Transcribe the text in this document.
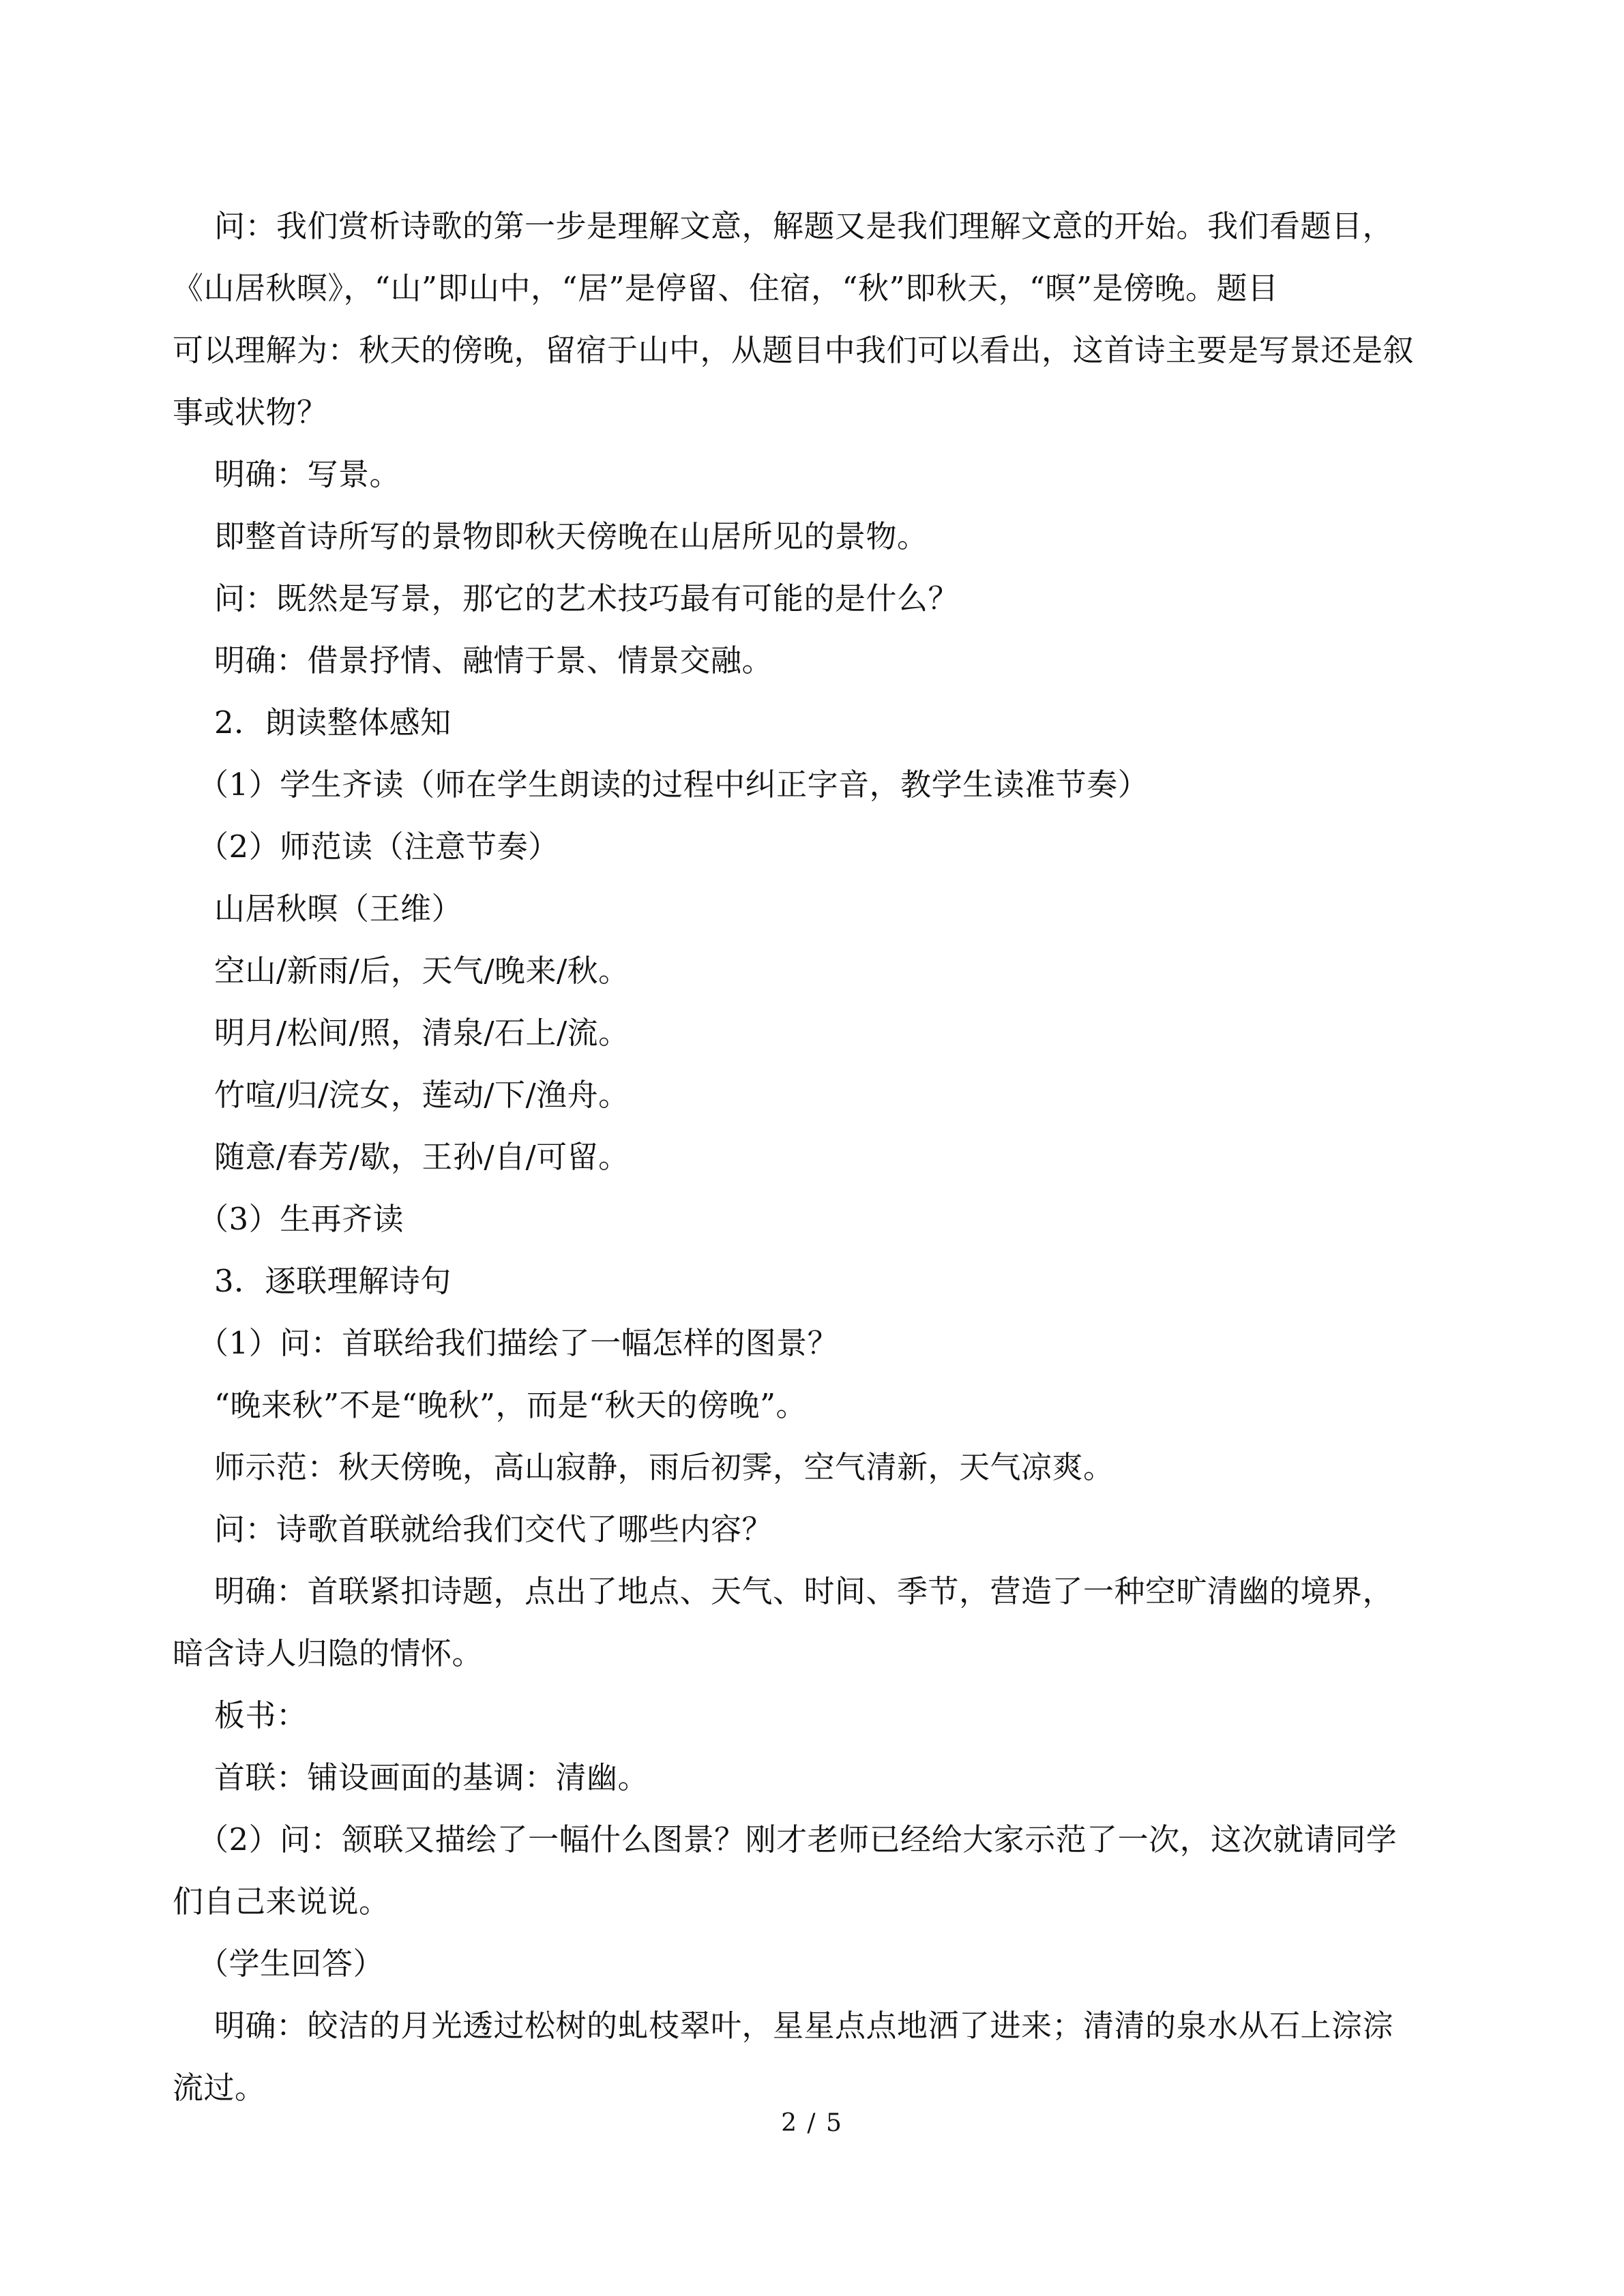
问：我们赏析诗歌的第一步是理解文意，解题又是我们理解文意的开始。我们看题目，
《山居秋暝》，“山”即山中，“居”是停留、住宿，“秋”即秋天，“暝”是傍晚。题目
可以理解为：秋天的傍晚，留宿于山中，从题目中我们可以看出，这首诗主要是写景还是叙
事或状物？
明确：写景。
即整首诗所写的景物即秋天傍晚在山居所见的景物。
问：既然是写景，那它的艺术技巧最有可能的是什么？
明确：借景抒情、融情于景、情景交融。
2．朗读整体感知
（1）学生齐读（师在学生朗读的过程中纠正字音，教学生读准节奏）
（2）师范读（注意节奏）
山居秋暝（王维）
空山/新雨/后，天气/晚来/秋。
明月/松间/照，清泉/石上/流。
竹喧/归/浣女，莲动/下/渔舟。
随意/春芳/歇，王孙/自/可留。
（3）生再齐读
3．逐联理解诗句
（1）问：首联给我们描绘了一幅怎样的图景？
“晚来秋”不是“晚秋”，而是“秋天的傍晚”。
师示范：秋天傍晚，高山寂静，雨后初霁，空气清新，天气凉爽。
问：诗歌首联就给我们交代了哪些内容？
明确：首联紧扣诗题，点出了地点、天气、时间、季节，营造了一种空旷清幽的境界，
暗含诗人归隐的情怀。
板书：
首联：铺设画面的基调：清幽。
（2）问：颔联又描绘了一幅什么图景？刚才老师已经给大家示范了一次，这次就请同学
们自己来说说。
（学生回答）
明确：皎洁的月光透过松树的虬枝翠叶，星星点点地洒了进来；清清的泉水从石上淙淙
流过。
2 / 5
